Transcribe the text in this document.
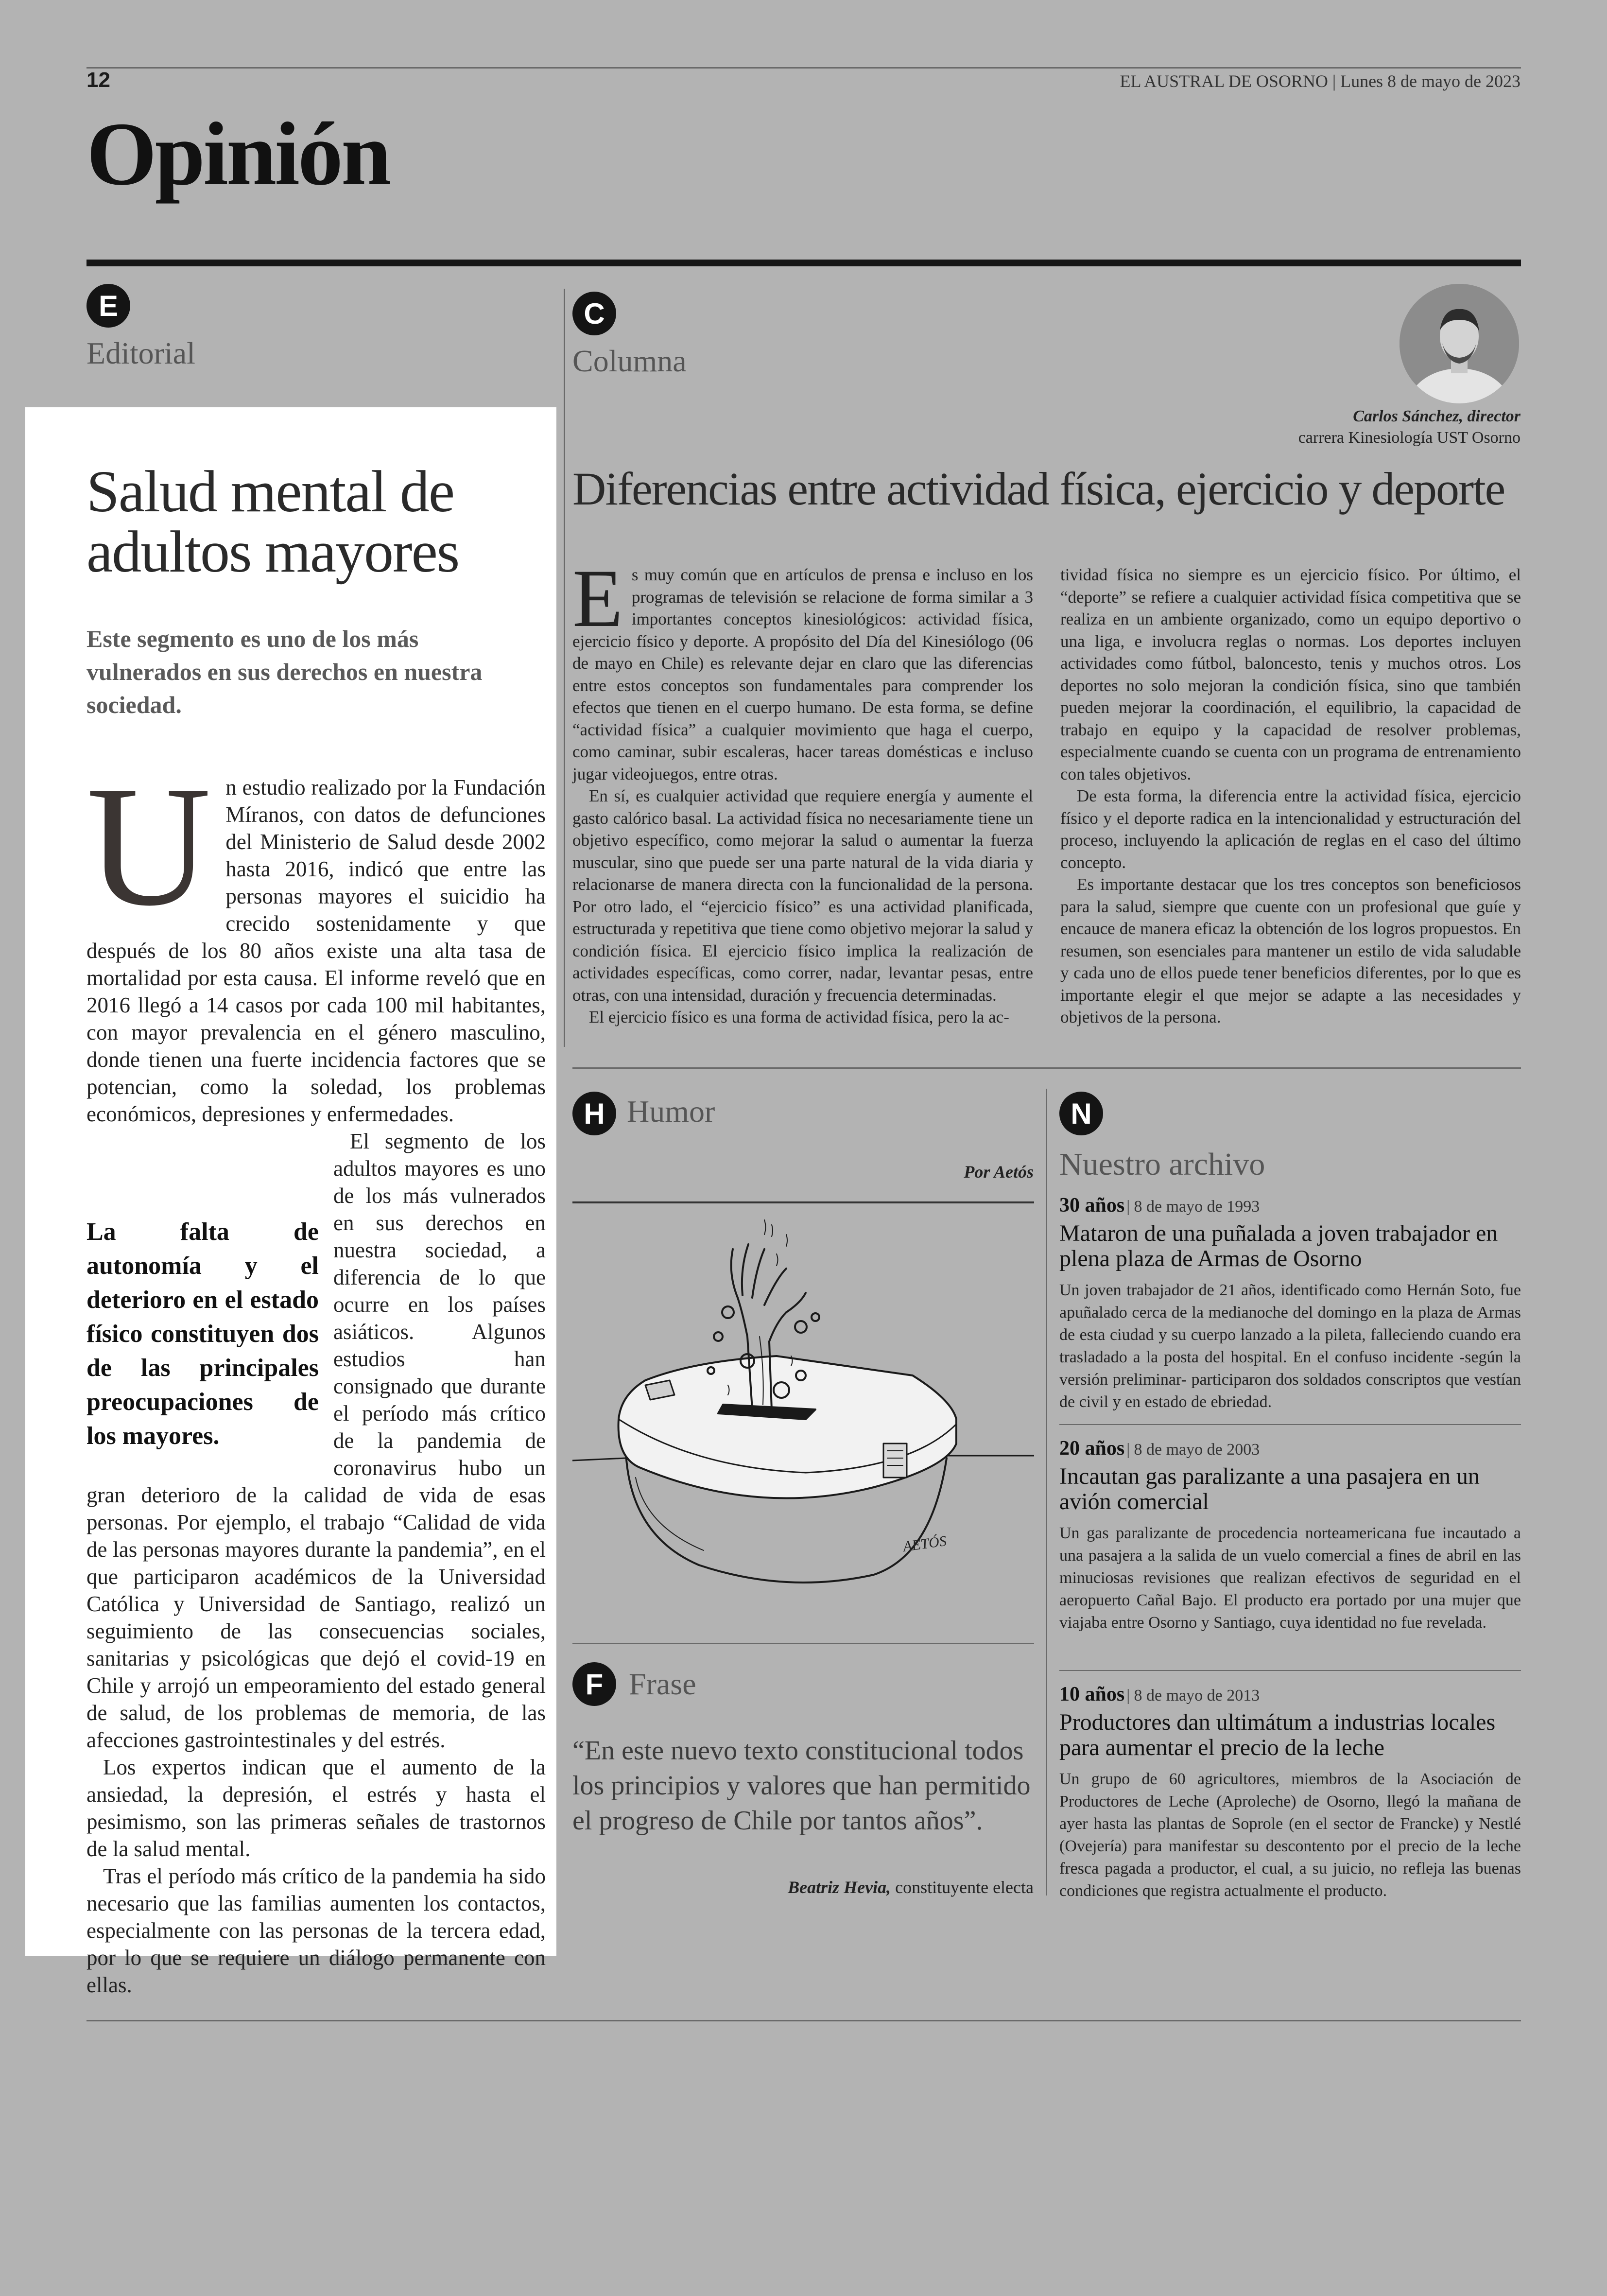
12	EL AUSTRAL DE OSORNO | Lunes 8 de mayo de 2023
Opinión
E
Editorial
Salud mental de adultos mayores
Este segmento es uno de los más vulnerados en sus derechos en nuestra sociedad.
U n estudio realizado por la Fundación Míranos, con datos de defunciones del Ministerio de Salud desde 2002 hasta 2016, indicó que entre las personas mayores el suicidio ha crecido sostenidamente y que después de los 80 años existe una alta tasa de mortalidad por esta causa. El informe reveló que en 2016 llegó a 14 casos por cada 100 mil habitantes, con mayor prevalencia en el género masculino, donde tienen una fuerte incidencia factores que se potencian, como la soledad, los problemas económicos, depresiones y enfermedades.

La falta de autonomía y el deterioro en el estado físico constituyen dos de las principales preocupaciones de los mayores.

El segmento de los adultos mayores es uno de los más vulnerados en sus derechos en nuestra sociedad, a diferencia de lo que ocurre en los países asiáticos. Algunos estudios han consignado que durante el período más crítico de la pandemia de coronavirus hubo un gran deterioro de la calidad de vida de esas personas. Por ejemplo, el trabajo “Calidad de vida de las personas mayores durante la pandemia”, en el que participaron académicos de la Universidad Católica y Universidad de Santiago, realizó un seguimiento de las consecuencias sociales, sanitarias y psicológicas que dejó el covid-19 en Chile y arrojó un empeoramiento del estado general de salud, de los problemas de memoria, de las afecciones gastrointestinales y del estrés.

Los expertos indican que el aumento de la ansiedad, la depresión, el estrés y hasta el pesimismo, son las primeras señales de trastornos de la salud mental.

Tras el período más crítico de la pandemia ha sido necesario que las familias aumenten los contactos, especialmente con las personas de la tercera edad, por lo que se requiere un diálogo permanente con ellas.

C
Columna
Carlos Sánchez, director
carrera Kinesiología UST Osorno
Diferencias entre actividad física, ejercicio y deporte
E s muy común que en artículos de prensa e incluso en los programas de televisión se relacione de forma similar a 3 importantes conceptos kinesiológicos: actividad física, ejercicio físico y deporte. A propósito del Día del Kinesiólogo (06 de mayo en Chile) es relevante dejar en claro que las diferencias entre estos conceptos son fundamentales para comprender los efectos que tienen en el cuerpo humano. De esta forma, se define “actividad física” a cualquier movimiento que haga el cuerpo, como caminar, subir escaleras, hacer tareas domésticas e incluso jugar videojuegos, entre otras.

En sí, es cualquier actividad que requiere energía y aumente el gasto calórico basal. La actividad física no necesariamente tiene un objetivo específico, como mejorar la salud o aumentar la fuerza muscular, sino que puede ser una parte natural de la vida diaria y relacionarse de manera directa con la funcionalidad de la persona. Por otro lado, el “ejercicio físico” es una actividad planificada, estructurada y repetitiva que tiene como objetivo mejorar la salud y condición física. El ejercicio físico implica la realización de actividades específicas, como correr, nadar, levantar pesas, entre otras, con una intensidad, duración y frecuencia determinadas.

El ejercicio físico es una forma de actividad física, pero la ac-

tividad física no siempre es un ejercicio físico. Por último, el “deporte” se refiere a cualquier actividad física competitiva que se realiza en un ambiente organizado, como un equipo deportivo o una liga, e involucra reglas o normas. Los deportes incluyen actividades como fútbol, baloncesto, tenis y muchos otros. Los deportes no solo mejoran la condición física, sino que también pueden mejorar la coordinación, el equilibrio, la capacidad de trabajo en equipo y la capacidad de resolver problemas, especialmente cuando se cuenta con un programa de entrenamiento con tales objetivos.

De esta forma, la diferencia entre la actividad física, ejercicio físico y el deporte radica en la intencionalidad y estructuración del proceso, incluyendo la aplicación de reglas en el caso del último concepto.

Es importante destacar que los tres conceptos son beneficiosos para la salud, siempre que cuente con un profesional que guíe y encauce de manera eficaz la obtención de los logros propuestos. En resumen, son esenciales para mantener un estilo de vida saludable y cada uno de ellos puede tener beneficios diferentes, por lo que es importante elegir el que mejor se adapte a las necesidades y objetivos de la persona.

H Humor
Por Aetós
AETÓS
F Frase
“En este nuevo texto constitucional todos los principios y valores que han permitido el progreso de Chile por tantos años”.
Beatriz Hevia, constituyente electa
N
Nuestro archivo
30 años | 8 de mayo de 1993
Mataron de una puñalada a joven trabajador en plena plaza de Armas de Osorno
Un joven trabajador de 21 años, identificado como Hernán Soto, fue apuñalado cerca de la medianoche del domingo en la plaza de Armas de esta ciudad y su cuerpo lanzado a la pileta, falleciendo cuando era trasladado a la posta del hospital. En el confuso incidente -según la versión preliminar- participaron dos soldados conscriptos que vestían de civil y en estado de ebriedad.
20 años | 8 de mayo de 2003
Incautan gas paralizante a una pasajera en un avión comercial
Un gas paralizante de procedencia norteamericana fue incautado a una pasajera a la salida de un vuelo comercial a fines de abril en las minuciosas revisiones que realizan efectivos de seguridad en el aeropuerto Cañal Bajo. El producto era portado por una mujer que viajaba entre Osorno y Santiago, cuya identidad no fue revelada.
10 años | 8 de mayo de 2013
Productores dan ultimátum a industrias locales para aumentar el precio de la leche
Un grupo de 60 agricultores, miembros de la Asociación de Productores de Leche (Aproleche) de Osorno, llegó la mañana de ayer hasta las plantas de Soprole (en el sector de Francke) y Nestlé (Ovejería) para manifestar su descontento por el precio de la leche fresca pagada a productor, el cual, a su juicio, no refleja las buenas condiciones que registra actualmente el producto.
